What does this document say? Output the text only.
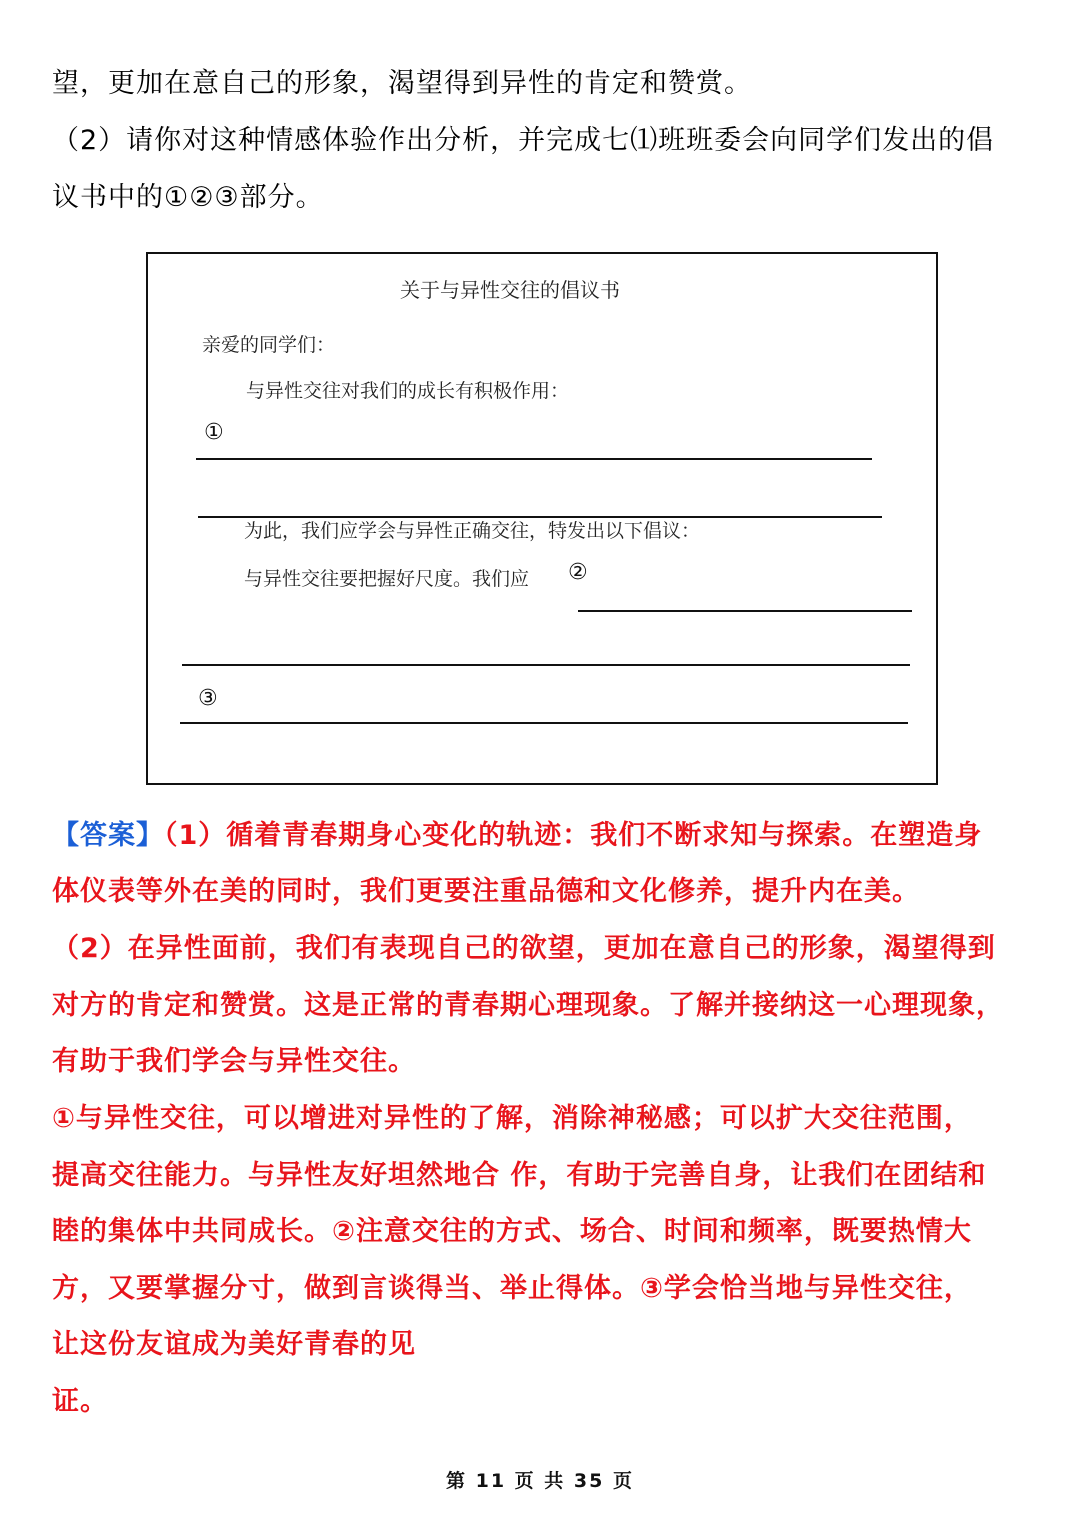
望，更加在意自己的形象，渴望得到异性的肯定和赞赏。
（2）请你对这种情感体验作出分析，并完成七⑴班班委会向同学们发出的倡
议书中的①②③部分。
关于与异性交往的倡议书
亲爱的同学们：
与异性交往对我们的成长有积极作用：
①
为此，我们应学会与异性正确交往，特发出以下倡议：
与异性交往要把握好尺度。我们应 ②
③
【答案】（1）循着青春期身心变化的轨迹：我们不断求知与探索。在塑造身
体仪表等外在美的同时，我们更要注重品德和文化修养，提升内在美。
（2）在异性面前，我们有表现自己的欲望，更加在意自己的形象，渴望得到
对方的肯定和赞赏。这是正常的青春期心理现象。了解并接纳这一心理现象，
有助于我们学会与异性交往。
①与异性交往，可以增进对异性的了解，消除神秘感；可以扩大交往范围，
提高交往能力。与异性友好坦然地合 作，有助于完善自身，让我们在团结和
睦的集体中共同成长。②注意交往的方式、场合、时间和频率，既要热情大
方，又要掌握分寸，做到言谈得当、举止得体。③学会恰当地与异性交往，
让这份友谊成为美好青春的见
证。
第 11 页 共 35 页
